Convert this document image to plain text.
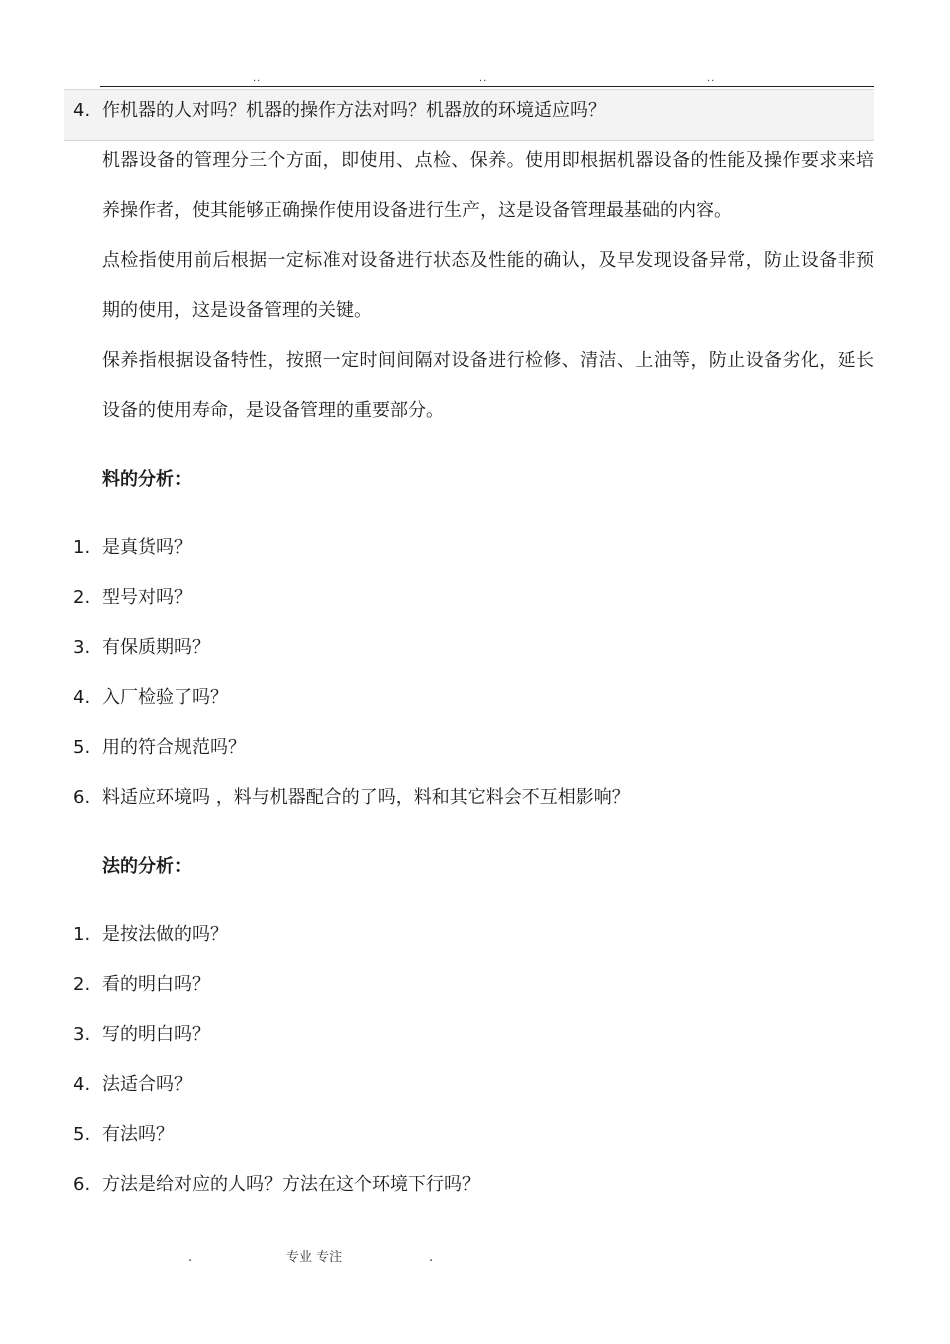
..	..	..
4. 作机器的人对吗？机器的操作方法对吗？机器放的环境适应吗？

机器设备的管理分三个方面，即使用、点检、保养。使用即根据机器设备的性能及操作要求来培养操作者，使其能够正确操作使用设备进行生产，这是设备管理最基础的内容。

点检指使用前后根据一定标准对设备进行状态及性能的确认，及早发现设备异常，防止设备非预期的使用，这是设备管理的关键。

保养指根据设备特性，按照一定时间间隔对设备进行检修、清洁、上油等，防止设备劣化，延长设备的使用寿命，是设备管理的重要部分。

料的分析：
1. 是真货吗？
2. 型号对吗？
3. 有保质期吗？
4. 入厂检验了吗？
5. 用的符合规范吗？
6. 料适应环境吗 ，料与机器配合的了吗，料和其它料会不互相影响？
法的分析：
1. 是按法做的吗？
2. 看的明白吗？
3. 写的明白吗？
4. 法适合吗？
5. 有法吗？
6. 方法是给对应的人吗？方法在这个环境下行吗？
.	专业 专注	.
